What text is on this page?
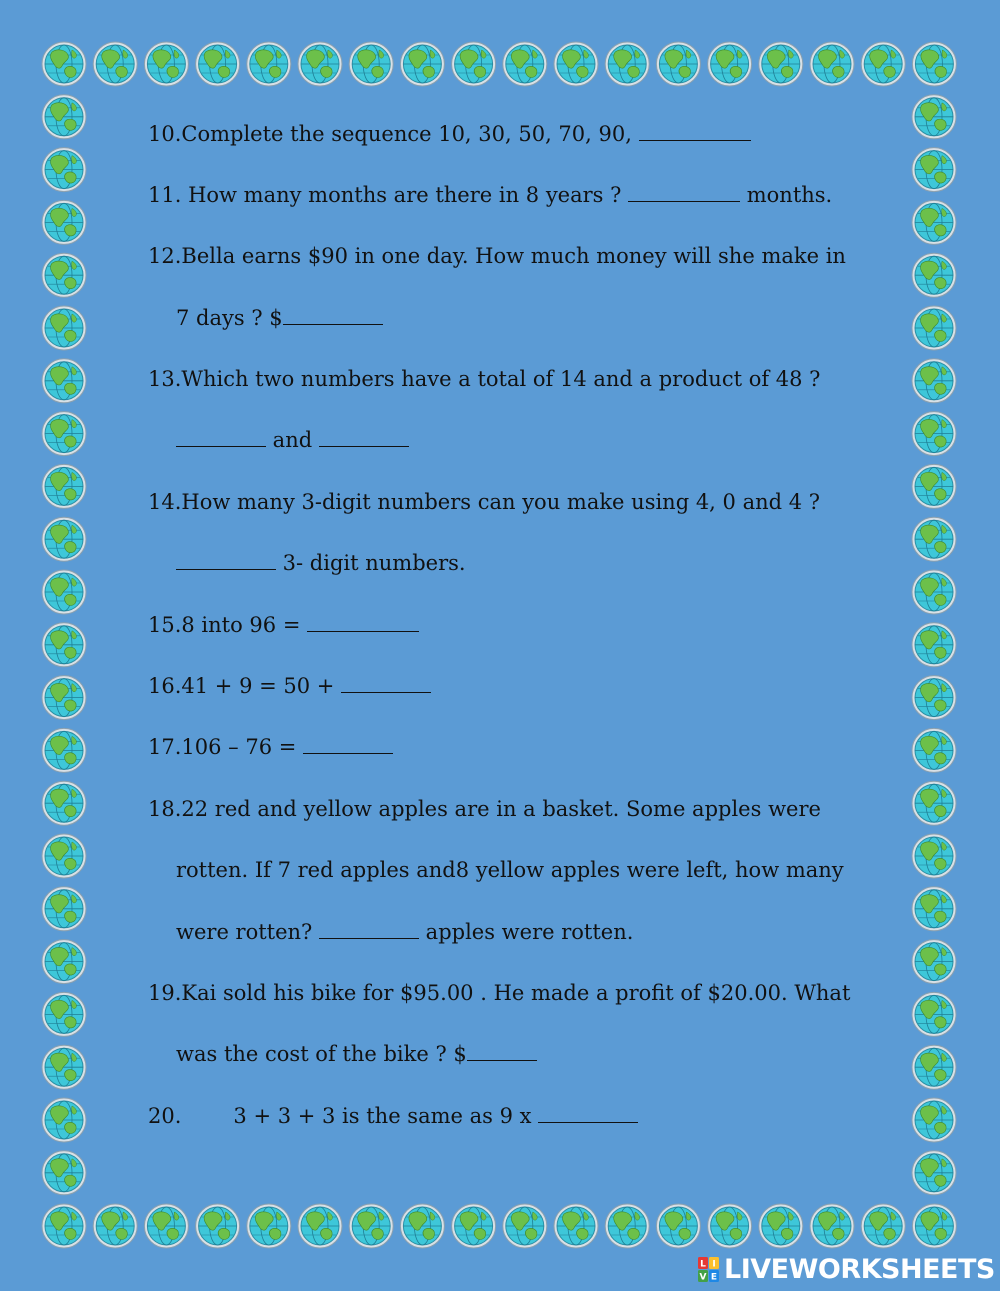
10.Complete the sequence 10, 30, 50, 70, 90,
11. How many months are there in 8 years ?	months.
12.Bella earns $90 in one day. How much money will she make in
7 days ? $
13.Which two numbers have a total of 14 and a product of 48 ?
and
14.How many 3-digit numbers can you make using 4, 0 and 4 ?
3- digit numbers.
15.8 into 96 =
16.41 + 9 = 50 +
17.106 – 76 =
18.22 red and yellow apples are in a basket. Some apples were
rotten. If 7 red apples and8 yellow apples were left, how many
were rotten?	apples were rotten.
19.Kai sold his bike for $95.00 . He made a profit of $20.00. What
was the cost of the bike ? $
20. 3 + 3 + 3 is the same as 9 x
L I
V E LIVEWORKSHEETS
